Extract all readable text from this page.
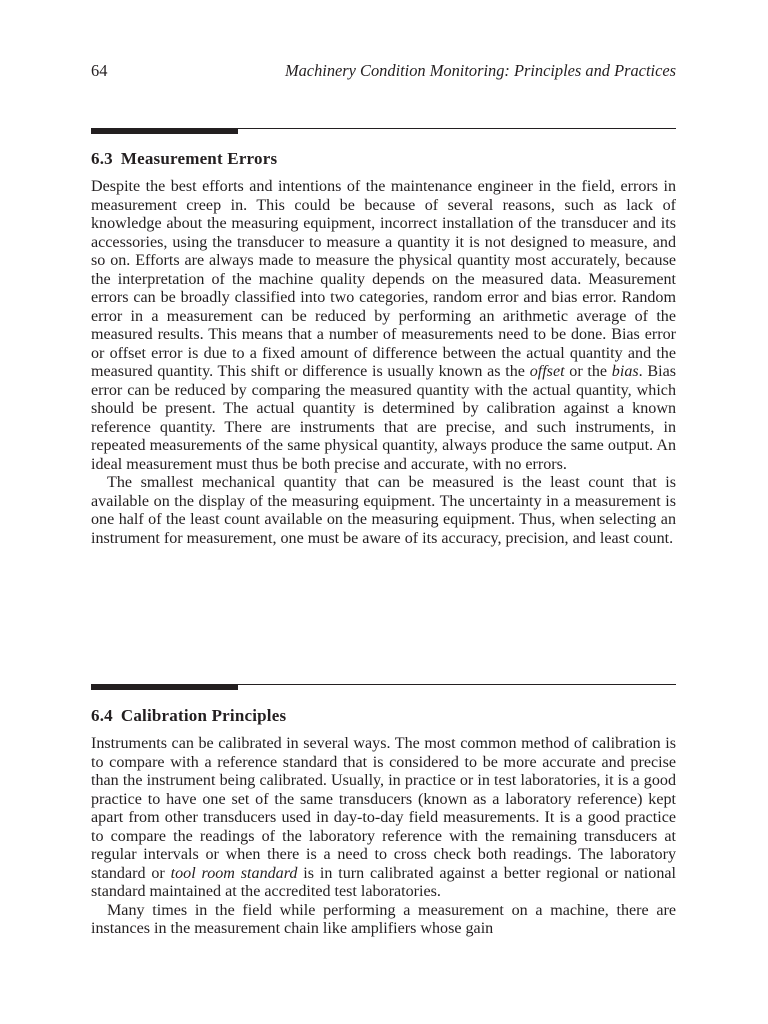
64	Machinery Condition Monitoring: Principles and Practices
6.3 Measurement Errors

Despite the best efforts and intentions of the maintenance engineer in the field, errors in measurement creep in. This could be because of several reasons, such as lack of knowledge about the measuring equipment, incorrect installation of the transducer and its accessories, using the transducer to measure a quantity it is not designed to measure, and so on. Efforts are always made to measure the physical quantity most accurately, because the interpretation of the machine quality depends on the measured data. Measurement errors can be broadly classified into two categories, random error and bias error. Random error in a measurement can be reduced by performing an arithmetic average of the measured results. This means that a number of measurements need to be done. Bias error or offset error is due to a fixed amount of difference between the actual quantity and the measured quantity. This shift or difference is usually known as the offset or the bias. Bias error can be reduced by comparing the measured quantity with the actual quantity, which should be present. The actual quantity is determined by calibration against a known reference quantity. There are instruments that are precise, and such instruments, in repeated measurements of the same physical quantity, always produce the same output. An ideal measurement must thus be both precise and accurate, with no errors.

The smallest mechanical quantity that can be measured is the least count that is available on the display of the measuring equipment. The uncertainty in a measurement is one half of the least count available on the measuring equipment. Thus, when selecting an instrument for measurement, one must be aware of its accuracy, precision, and least count.

6.4 Calibration Principles

Instruments can be calibrated in several ways. The most common method of calibration is to compare with a reference standard that is considered to be more accurate and precise than the instrument being calibrated. Usually, in practice or in test laboratories, it is a good practice to have one set of the same transducers (known as a laboratory reference) kept apart from other transducers used in day-to-day field measurements. It is a good practice to compare the readings of the laboratory reference with the remaining transducers at regular intervals or when there is a need to cross check both readings. The laboratory standard or tool room standard is in turn calibrated against a better regional or national standard maintained at the accredited test laboratories.

Many times in the field while performing a measurement on a machine, there are instances in the measurement chain like amplifiers whose gain
